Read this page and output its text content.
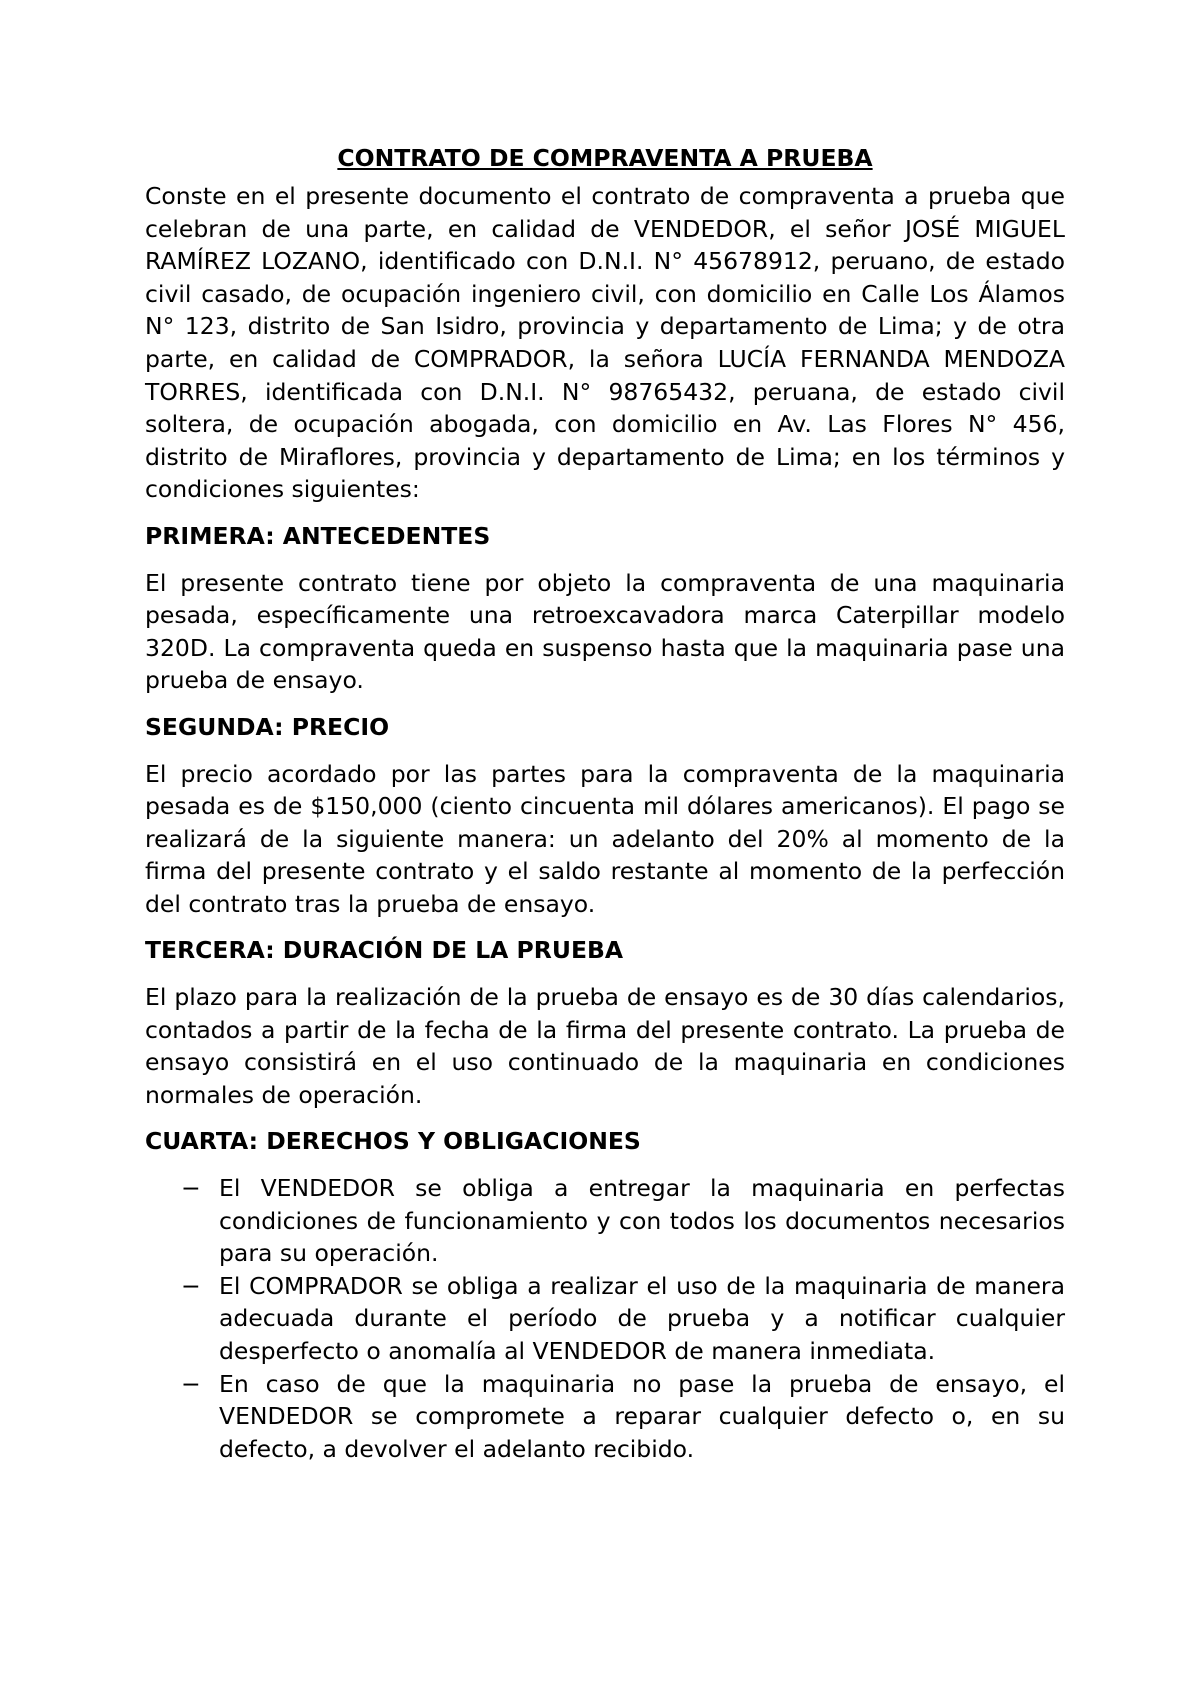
CONTRATO DE COMPRAVENTA A PRUEBA

Conste en el presente documento el contrato de compraventa a prueba que celebran de una parte, en calidad de VENDEDOR, el señor JOSÉ MIGUEL RAMÍREZ LOZANO, identificado con D.N.I. N° 45678912, peruano, de estado civil casado, de ocupación ingeniero civil, con domicilio en Calle Los Álamos N° 123, distrito de San Isidro, provincia y departamento de Lima; y de otra parte, en calidad de COMPRADOR, la señora LUCÍA FERNANDA MENDOZA TORRES, identificada con D.N.I. N° 98765432, peruana, de estado civil soltera, de ocupación abogada, con domicilio en Av. Las Flores N° 456, distrito de Miraflores, provincia y departamento de Lima; en los términos y condiciones siguientes:

PRIMERA: ANTECEDENTES

El presente contrato tiene por objeto la compraventa de una maquinaria pesada, específicamente una retroexcavadora marca Caterpillar modelo 320D. La compraventa queda en suspenso hasta que la maquinaria pase una prueba de ensayo.

SEGUNDA: PRECIO

El precio acordado por las partes para la compraventa de la maquinaria pesada es de $150,000 (ciento cincuenta mil dólares americanos). El pago se realizará de la siguiente manera: un adelanto del 20% al momento de la firma del presente contrato y el saldo restante al momento de la perfección del contrato tras la prueba de ensayo.

TERCERA: DURACIÓN DE LA PRUEBA

El plazo para la realización de la prueba de ensayo es de 30 días calendarios, contados a partir de la fecha de la firma del presente contrato. La prueba de ensayo consistirá en el uso continuado de la maquinaria en condiciones normales de operación.

CUARTA: DERECHOS Y OBLIGACIONES
− El VENDEDOR se obliga a entregar la maquinaria en perfectas condiciones de funcionamiento y con todos los documentos necesarios para su operación.
− El COMPRADOR se obliga a realizar el uso de la maquinaria de manera adecuada durante el período de prueba y a notificar cualquier desperfecto o anomalía al VENDEDOR de manera inmediata.
− En caso de que la maquinaria no pase la prueba de ensayo, el VENDEDOR se compromete a reparar cualquier defecto o, en su defecto, a devolver el adelanto recibido.
